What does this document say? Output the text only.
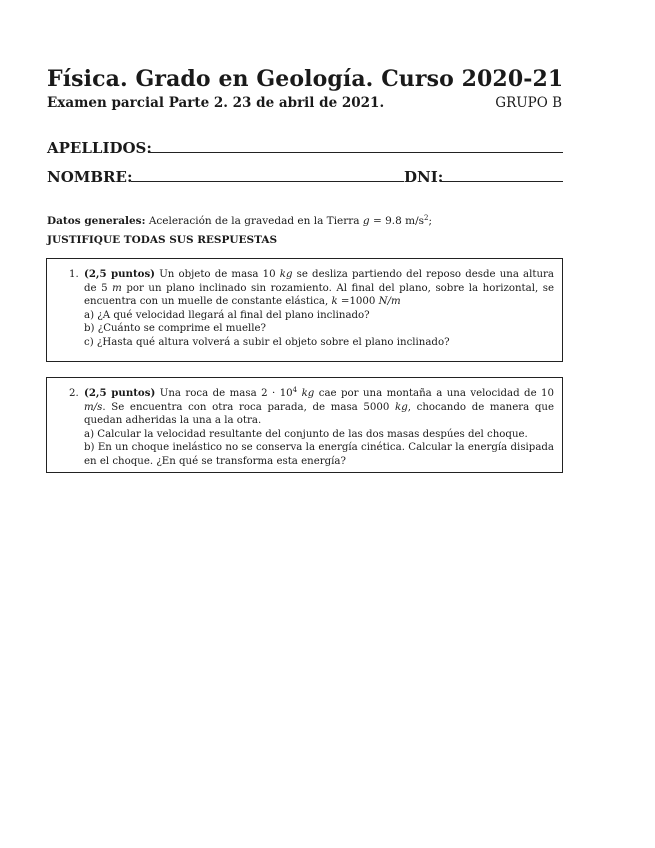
Física. Grado en Geología. Curso 2020-21
Examen parcial Parte 2. 23 de abril de 2021.	GRUPO B
APELLIDOS:
NOMBRE:	DNI:
Datos generales: Aceleración de la gravedad en la Tierra g = 9.8 $m/s^2$;
JUSTIFIQUE TODAS SUS RESPUESTAS
1. (2,5 puntos) Un objeto de masa 10 kg se desliza partiendo del reposo desde una altura de 5 m por un plano inclinado sin rozamiento. Al final del plano, sobre la horizontal, se encuentra con un muelle de constante elástica, k =1000 N/m

a) ¿A qué velocidad llegará al final del plano inclinado?

b) ¿Cuánto se comprime el muelle?

c) ¿Hasta qué altura volverá a subir el objeto sobre el plano inclinado?

2. (2,5 puntos) Una roca de masa $2 \cdot 10^4$ kg cae por una montaña a una velocidad de 10 m/s. Se encuentra con otra roca parada, de masa 5000 kg, chocando de manera que quedan adheridas la una a la otra.

a) Calcular la velocidad resultante del conjunto de las dos masas despúes del choque.

b) En un choque inelástico no se conserva la energía cinética. Calcular la energía disipada en el choque. ¿En qué se transforma esta energía?
